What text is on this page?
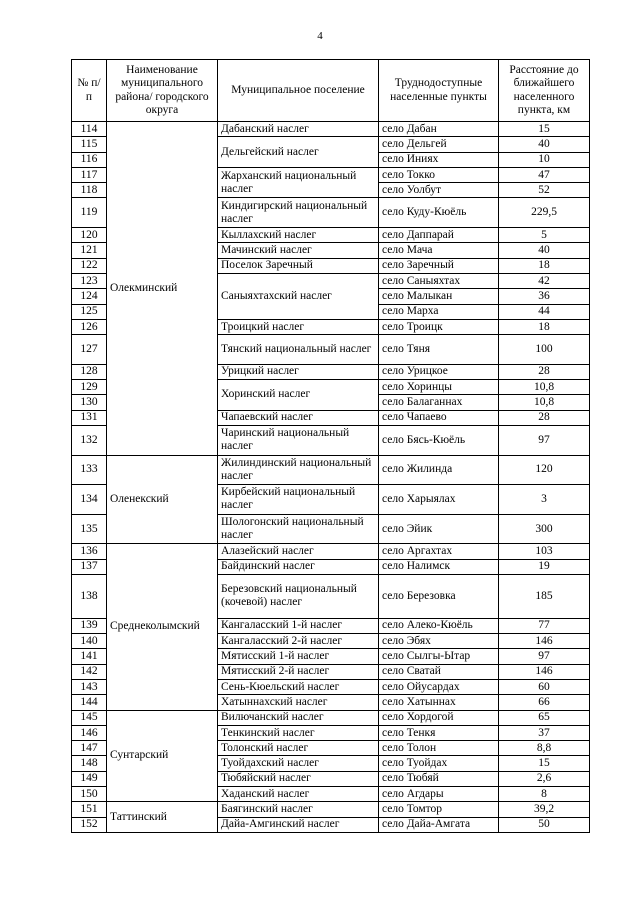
4
№ п/п	Наименование муниципального района/ городского округа	Муниципальное поселение	Труднодоступные населенные пункты	Расстояние до ближайшего населенного пункта, км
114	Олекминский	Дабанский наслег	село Дабан	15
115		Дельгейский наслег	село Дельгей	40
116			село Иниях	10
117		Жарханский национальный наслег	село Токко	47
118			село Уолбут	52
119		Киндигирский национальный наслег	село Куду-Кюёль	229,5
120		Кыллахский наслег	село Даппарай	5
121		Мачинский наслег	село Мача	40
122		Поселок Заречный	село Заречный	18
123		Саныяхтахский наслег	село Саныяхтах	42
124			село Малыкан	36
125			село Марха	44
126		Троицкий наслег	село Троицк	18
127		Тянский национальный наслег	село Тяня	100
128		Урицкий наслег	село Урицкое	28
129		Хоринский наслег	село Хоринцы	10,8
130			село Балаганнах	10,8
131		Чапаевский наслег	село Чапаево	28
132		Чаринский национальный наслег	село Бясь-Кюёль	97
133	Оленекский	Жилиндинский национальный наслег	село Жилинда	120
134		Кирбейский национальный наслег	село Харыялах	3
135		Шологонский национальный наслег	село Эйик	300
136	Среднеколымский	Алазейский наслег	село Аргахтах	103
137		Байдинский наслег	село Налимск	19
138		Березовский национальный (кочевой) наслег	село Березовка	185
139		Кангаласский 1-й наслег	село Алеко-Кюёль	77
140		Кангаласский 2-й наслег	село Эбях	146
141		Мятисский 1-й наслег	село Сылгы-Ытар	97
142		Мятисский 2-й наслег	село Сватай	146
143		Сень-Кюельский наслег	село Ойусардах	60
144		Хатыннахский наслег	село Хатыннах	66
145	Сунтарский	Вилючанский наслег	село Хордогой	65
146		Тенкинский наслег	село Тенкя	37
147		Толонский наслег	село Толон	8,8
148		Туойдахский наслег	село Туойдах	15
149		Тюбяйский наслег	село Тюбяй	2,6
150		Хаданский наслег	село Агдары	8
151	Таттинский	Баягинский наслег	село Томтор	39,2
152		Дайа-Амгинский наслег	село Дайа-Амгата	50
